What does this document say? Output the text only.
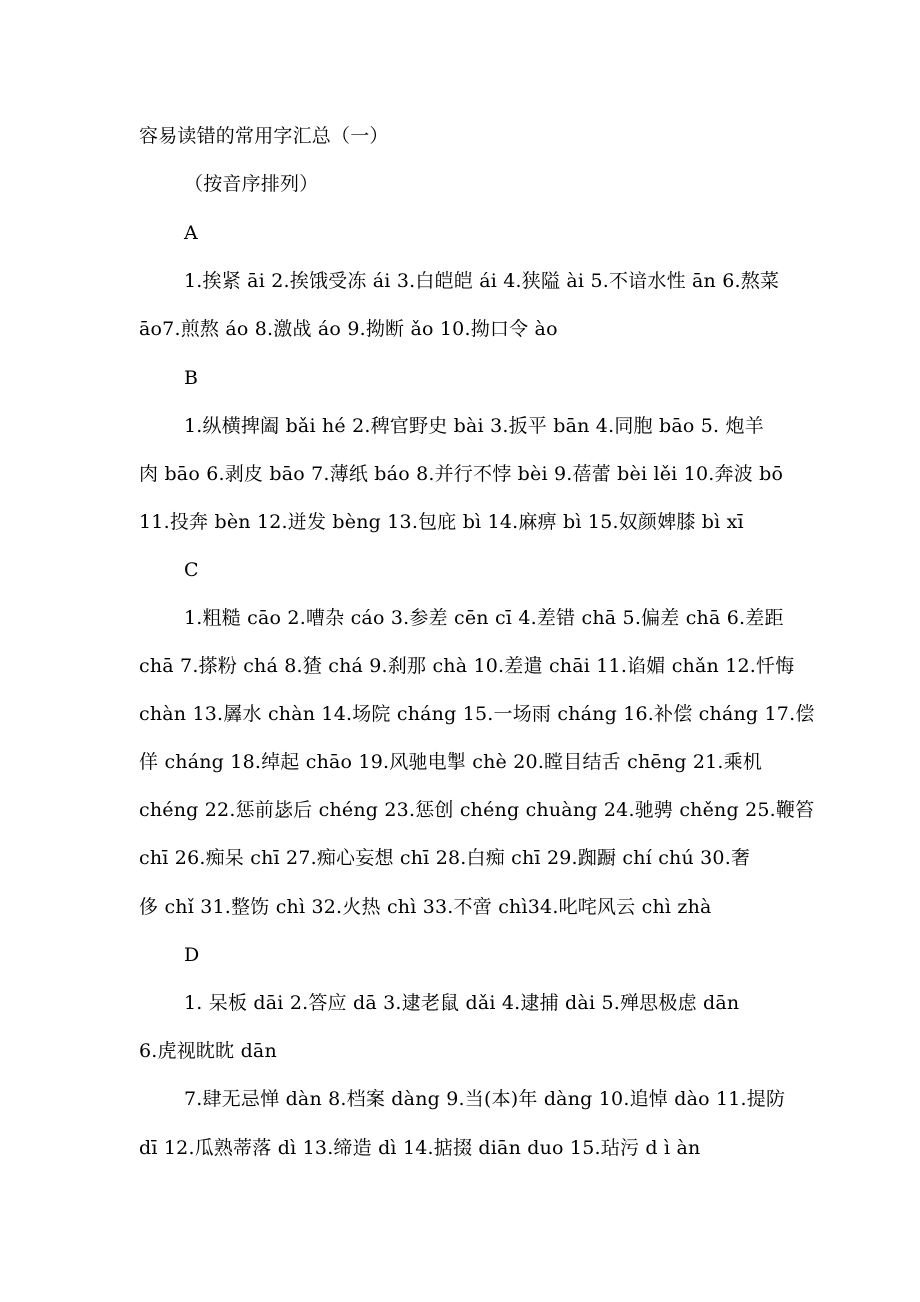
容易读错的常用字汇总（一）
（按音序排列）
A
1.挨紧 āi 2.挨饿受冻 ái 3.白皑皑 ái 4.狭隘 ài 5.不谙水性 ān 6.熬菜
āo7.煎熬 áo 8.激战 áo 9.拗断 ǎo 10.拗口令 ào
B
1.纵横捭阖 bǎi hé 2.稗官野史 bài 3.扳平 bān 4.同胞 bāo 5. 炮羊
肉 bāo 6.剥皮 bāo 7.薄纸 báo 8.并行不悖 bèi 9.蓓蕾 bèi lěi 10.奔波 bō
11.投奔 bèn 12.迸发 bèng 13.包庇 bì 14.麻痹 bì 15.奴颜婢膝 bì xī
C
1.粗糙 cāo 2.嘈杂 cáo 3.参差 cēn cī 4.差错 chā 5.偏差 chā 6.差距
chā 7.搽粉 chá 8.猹 chá 9.刹那 chà 10.差遣 chāi 11.谄媚 chǎn 12.忏悔
chàn 13.羼水 chàn 14.场院 cháng 15.一场雨 cháng 16.补偿 cháng 17.偿
佯 cháng 18.绰起 chāo 19.风驰电掣 chè 20.瞠目结舌 chēng 21.乘机
chéng 22.惩前毖后 chéng 23.惩创 chéng chuàng 24.驰骋 chěng 25.鞭笞
chī 26.痴呆 chī 27.痴心妄想 chī 28.白痴 chī 29.踟蹰 chí chú 30.奢
侈 chǐ 31.整饬 chì 32.火热 chì 33.不啻 chì34.叱咤风云 chì zhà
D
1. 呆板 dāi 2.答应 dā 3.逮老鼠 dǎi 4.逮捕 dài 5.殚思极虑 dān
6.虎视眈眈 dān
7.肆无忌惮 dàn 8.档案 dàng 9.当(本)年 dàng 10.追悼 dào 11.提防
dī 12.瓜熟蒂落 dì 13.缔造 dì 14.掂掇 diān duo 15.玷污 d ì àn
